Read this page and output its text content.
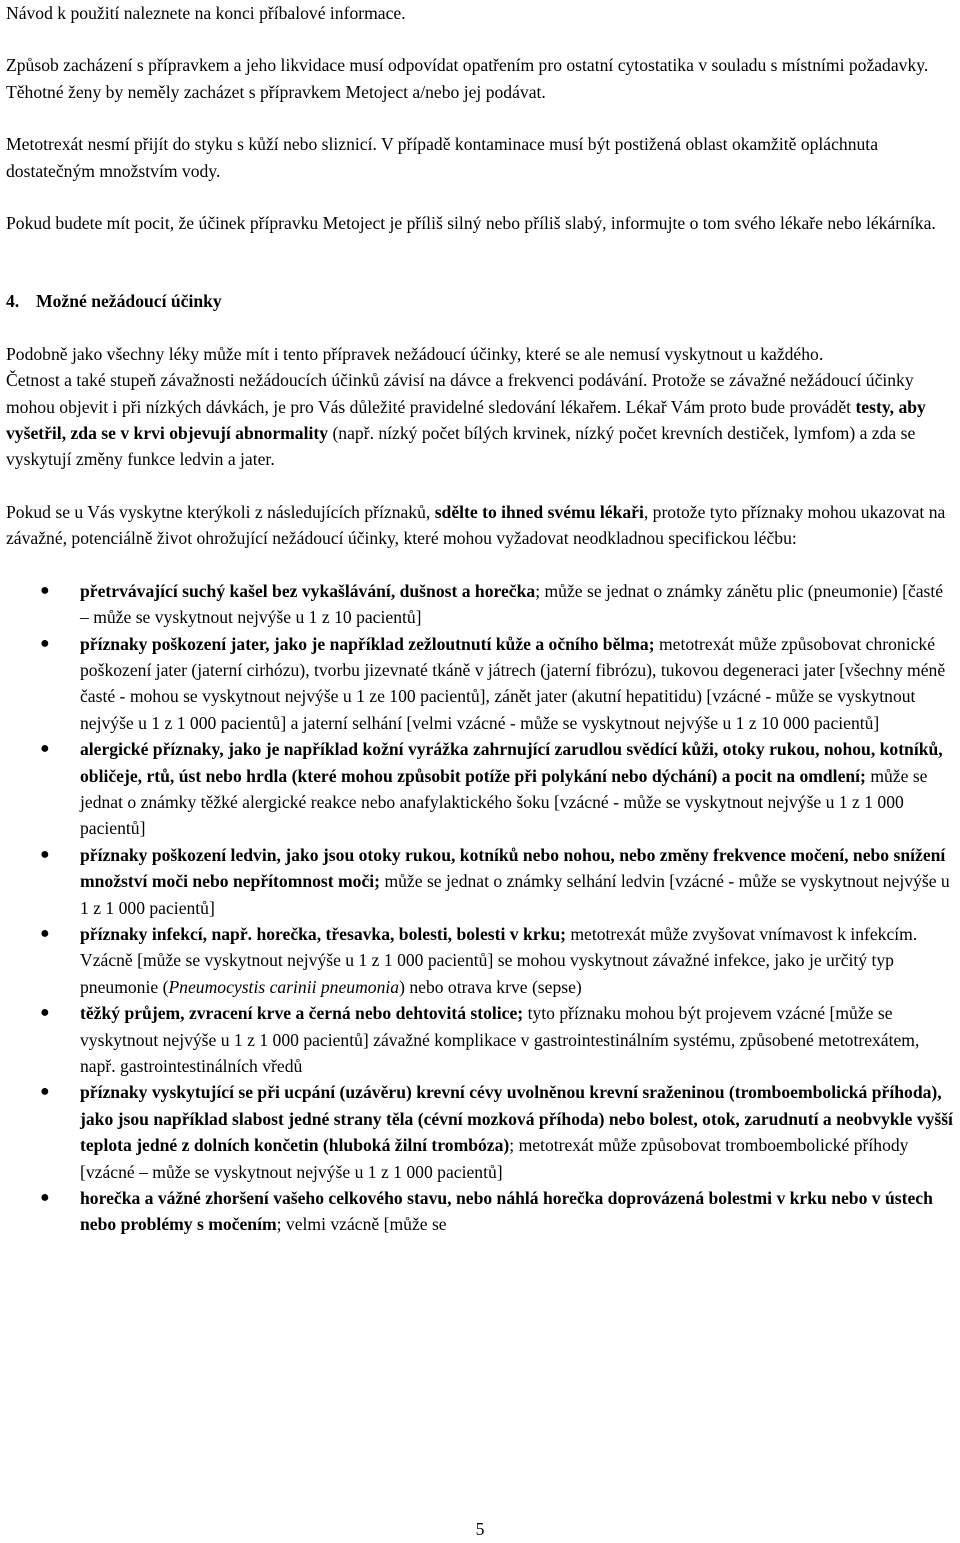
Návod k použití naleznete na konci příbalové informace.

Způsob zacházení s přípravkem a jeho likvidace musí odpovídat opatřením pro ostatní cytostatika v souladu s místními požadavky. Těhotné ženy by neměly zacházet s přípravkem Metoject a/nebo jej podávat.

Metotrexát nesmí přijít do styku s kůží nebo sliznicí. V případě kontaminace musí být postižená oblast okamžitě opláchnuta dostatečným množstvím vody.

Pokud budete mít pocit, že účinek přípravku Metoject je příliš silný nebo příliš slabý, informujte o tom svého lékaře nebo lékárníka.

4. Možné nežádoucí účinky

Podobně jako všechny léky může mít i tento přípravek nežádoucí účinky, které se ale nemusí vyskytnout u každého.

Četnost a také stupeň závažnosti nežádoucích účinků závisí na dávce a frekvenci podávání. Protože se závažné nežádoucí účinky mohou objevit i při nízkých dávkách, je pro Vás důležité pravidelné sledování lékařem. Lékař Vám proto bude provádět testy, aby vyšetřil, zda se v krvi objevují abnormality (např. nízký počet bílých krvinek, nízký počet krevních destiček, lymfom) a zda se vyskytují změny funkce ledvin a jater.

Pokud se u Vás vyskytne kterýkoli z následujících příznaků, sdělte to ihned svému lékaři, protože tyto příznaky mohou ukazovat na závažné, potenciálně život ohrožující nežádoucí účinky, které mohou vyžadovat neodkladnou specifickou léčbu:

● přetrvávající suchý kašel bez vykašlávání, dušnost a horečka; může se jednat o známky zánětu plic (pneumonie) [časté – může se vyskytnout nejvýše u 1 z 10 pacientů]
● příznaky poškození jater, jako je například zežloutnutí kůže a očního bělma; metotrexát může způsobovat chronické poškození jater (jaterní cirhózu), tvorbu jizevnaté tkáně v játrech (jaterní fibrózu), tukovou degeneraci jater [všechny méně časté - mohou se vyskytnout nejvýše u 1 ze 100 pacientů], zánět jater (akutní hepatitidu) [vzácné - může se vyskytnout nejvýše u 1 z 1 000 pacientů] a jaterní selhání [velmi vzácné - může se vyskytnout nejvýše u 1 z 10 000 pacientů]
● alergické příznaky, jako je například kožní vyrážka zahrnující zarudlou svědící kůži, otoky rukou, nohou, kotníků, obličeje, rtů, úst nebo hrdla (které mohou způsobit potíže při polykání nebo dýchání) a pocit na omdlení; může se jednat o známky těžké alergické reakce nebo anafylaktického šoku [vzácné - může se vyskytnout nejvýše u 1 z 1 000 pacientů]
● příznaky poškození ledvin, jako jsou otoky rukou, kotníků nebo nohou, nebo změny frekvence močení, nebo snížení množství moči nebo nepřítomnost moči; může se jednat o známky selhání ledvin [vzácné - může se vyskytnout nejvýše u 1 z 1 000 pacientů]
● příznaky infekcí, např. horečka, třesavka, bolesti, bolesti v krku; metotrexát může zvyšovat vnímavost k infekcím. Vzácně [může se vyskytnout nejvýše u 1 z 1 000 pacientů] se mohou vyskytnout závažné infekce, jako je určitý typ pneumonie (Pneumocystis carinii pneumonia) nebo otrava krve (sepse)
● těžký průjem, zvracení krve a černá nebo dehtovitá stolice; tyto příznaku mohou být projevem vzácné [může se vyskytnout nejvýše u 1 z 1 000 pacientů] závažné komplikace v gastrointestinálním systému, způsobené metotrexátem, např. gastrointestinálních vředů
● příznaky vyskytující se při ucpání (uzávěru) krevní cévy uvolněnou krevní sraženinou (tromboembolická příhoda), jako jsou například slabost jedné strany těla (cévní mozková příhoda) nebo bolest, otok, zarudnutí a neobvykle vyšší teplota jedné z dolních končetin (hluboká žilní trombóza); metotrexát může způsobovat tromboembolické příhody [vzácné – může se vyskytnout nejvýše u 1 z 1 000 pacientů]
● horečka a vážné zhoršení vašeho celkového stavu, nebo náhlá horečka doprovázená bolestmi v krku nebo v ústech nebo problémy s močením; velmi vzácně [může se
5
